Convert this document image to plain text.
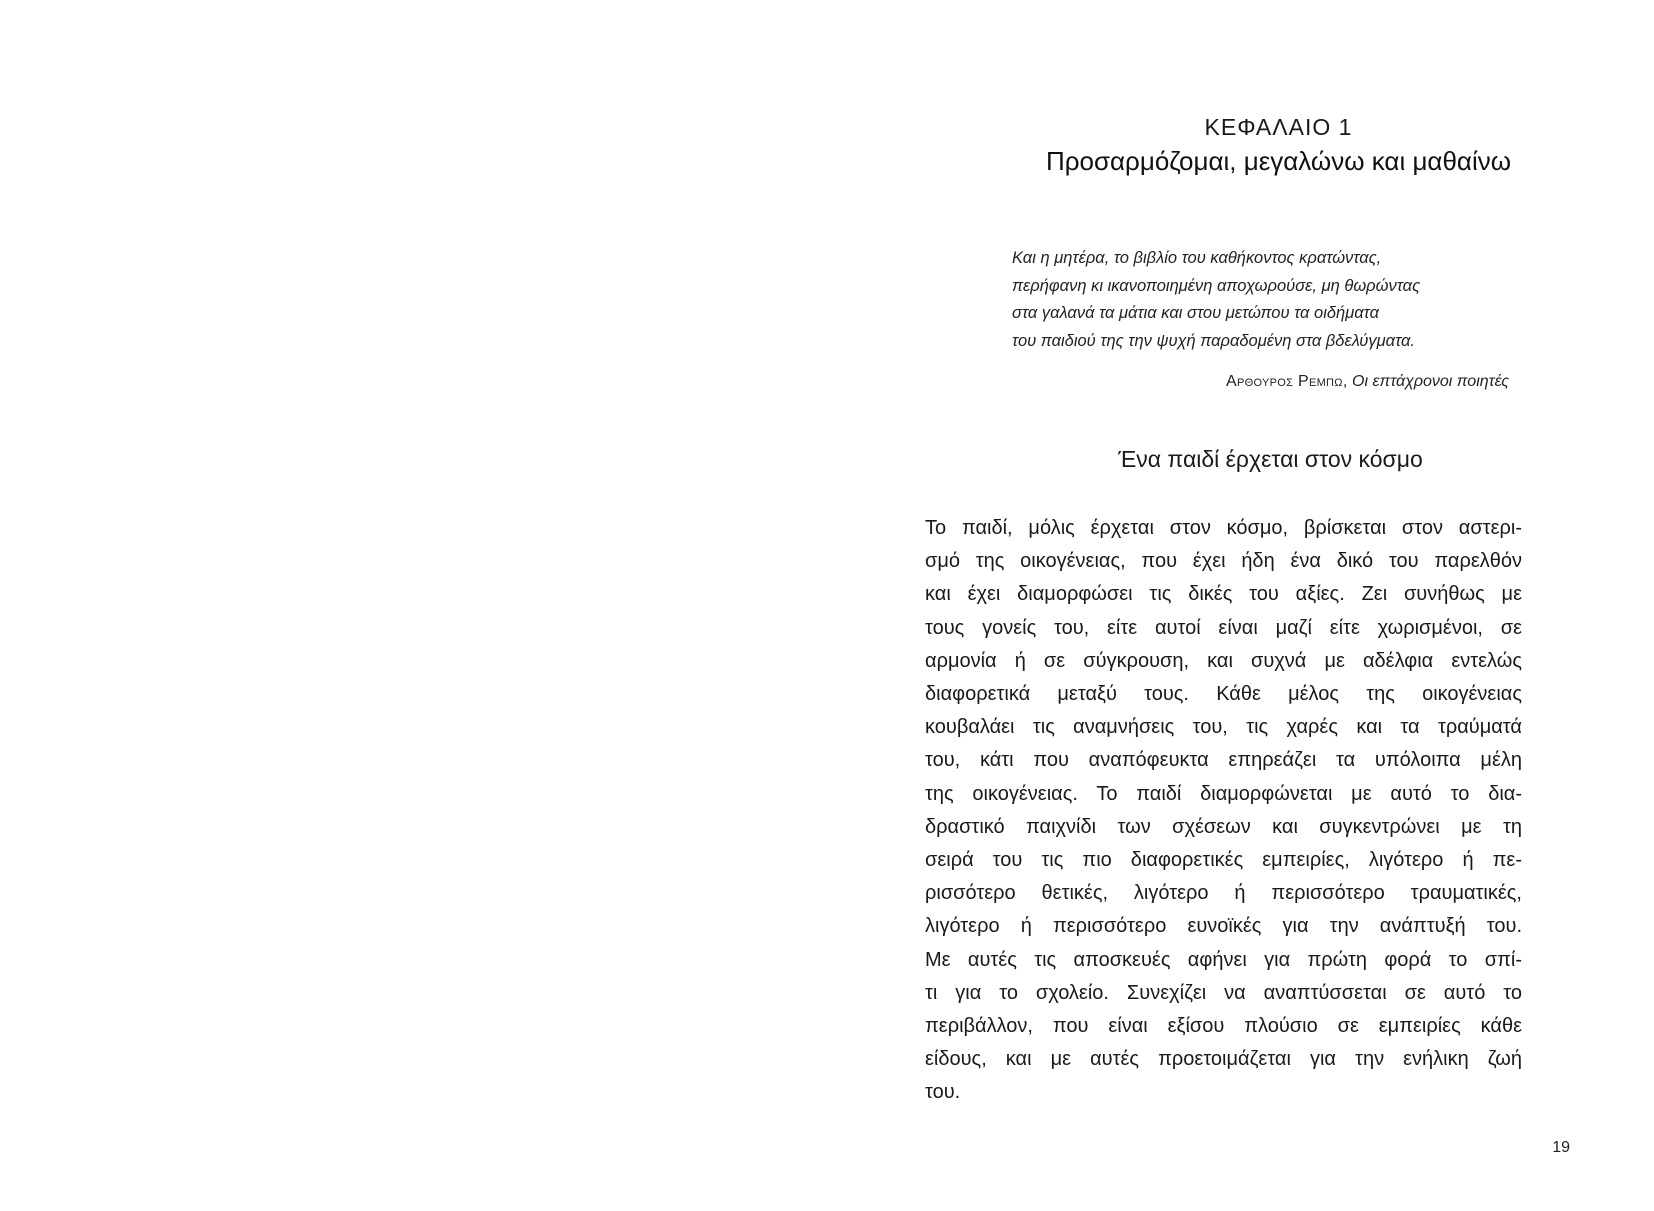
ΚΕΦΑΛΑΙΟ 1
Προσαρμόζομαι, μεγαλώνω και μαθαίνω
Και η μητέρα, το βιβλίο του καθήκοντος κρατώντας,
περήφανη κι ικανοποιημένη αποχωρούσε, μη θωρώντας
στα γαλανά τα μάτια και στου μετώπου τα οιδήματα
του παιδιού της την ψυχή παραδομένη στα βδελύγματα.
Αρθουρος Ρεμπω, Οι επτάχρονοι ποιητές
Ένα παιδί έρχεται στον κόσμο
Το παιδί, μόλις έρχεται στον κόσμο, βρίσκεται στον αστερι-
σμό της οικογένειας, που έχει ήδη ένα δικό του παρελθόν
και έχει διαμορφώσει τις δικές του αξίες. Ζει συνήθως με
τους γονείς του, είτε αυτοί είναι μαζί είτε χωρισμένοι, σε
αρμονία ή σε σύγκρουση, και συχνά με αδέλφια εντελώς
διαφορετικά μεταξύ τους. Κάθε μέλος της οικογένειας
κουβαλάει τις αναμνήσεις του, τις χαρές και τα τραύματά
του, κάτι που αναπόφευκτα επηρεάζει τα υπόλοιπα μέλη
της οικογένειας. Το παιδί διαμορφώνεται με αυτό το δια-
δραστικό παιχνίδι των σχέσεων και συγκεντρώνει με τη
σειρά του τις πιο διαφορετικές εμπειρίες, λιγότερο ή πε-
ρισσότερο θετικές, λιγότερο ή περισσότερο τραυματικές,
λιγότερο ή περισσότερο ευνοϊκές για την ανάπτυξή του.
Με αυτές τις αποσκευές αφήνει για πρώτη φορά το σπί-
τι για το σχολείο. Συνεχίζει να αναπτύσσεται σε αυτό το
περιβάλλον, που είναι εξίσου πλούσιο σε εμπειρίες κάθε
είδους, και με αυτές προετοιμάζεται για την ενήλικη ζωή
του.
19
